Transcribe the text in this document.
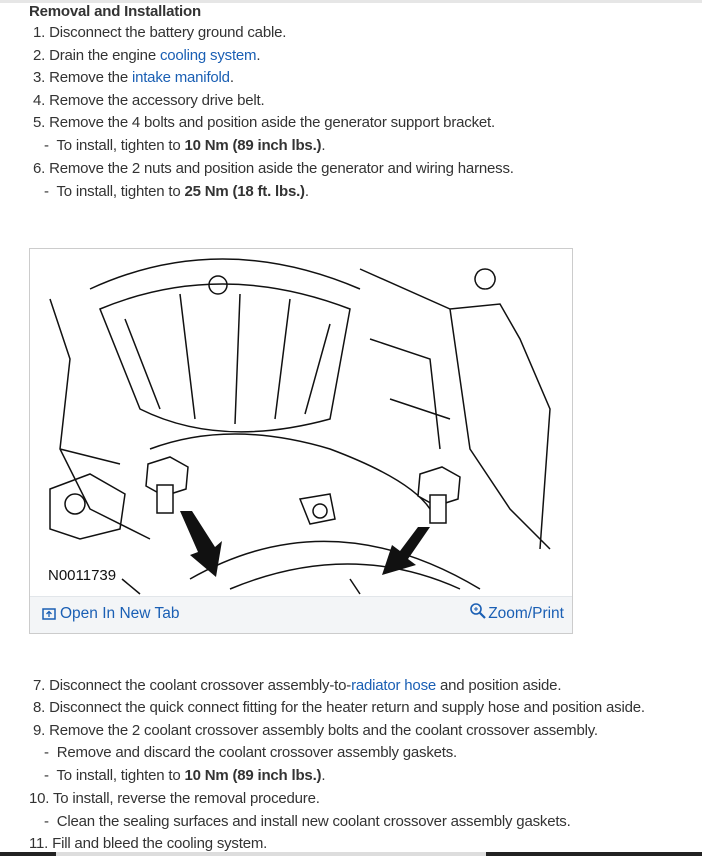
Removal and Installation
1. Disconnect the battery ground cable.
2. Drain the engine cooling system.
3. Remove the intake manifold.
4. Remove the accessory drive belt.
5. Remove the 4 bolts and position aside the generator support bracket.
-  To install, tighten to 10 Nm (89 inch lbs.).
6. Remove the 2 nuts and position aside the generator and wiring harness.
-  To install, tighten to 25 Nm (18 ft. lbs.).
N0011739
Open In New Tab	Zoom/Print
7. Disconnect the coolant crossover assembly-to-radiator hose and position aside.
8. Disconnect the quick connect fitting for the heater return and supply hose and position aside.
9. Remove the 2 coolant crossover assembly bolts and the coolant crossover assembly.
-  Remove and discard the coolant crossover assembly gaskets.
-  To install, tighten to 10 Nm (89 inch lbs.).
10. To install, reverse the removal procedure.
-  Clean the sealing surfaces and install new coolant crossover assembly gaskets.
11. Fill and bleed the cooling system.
